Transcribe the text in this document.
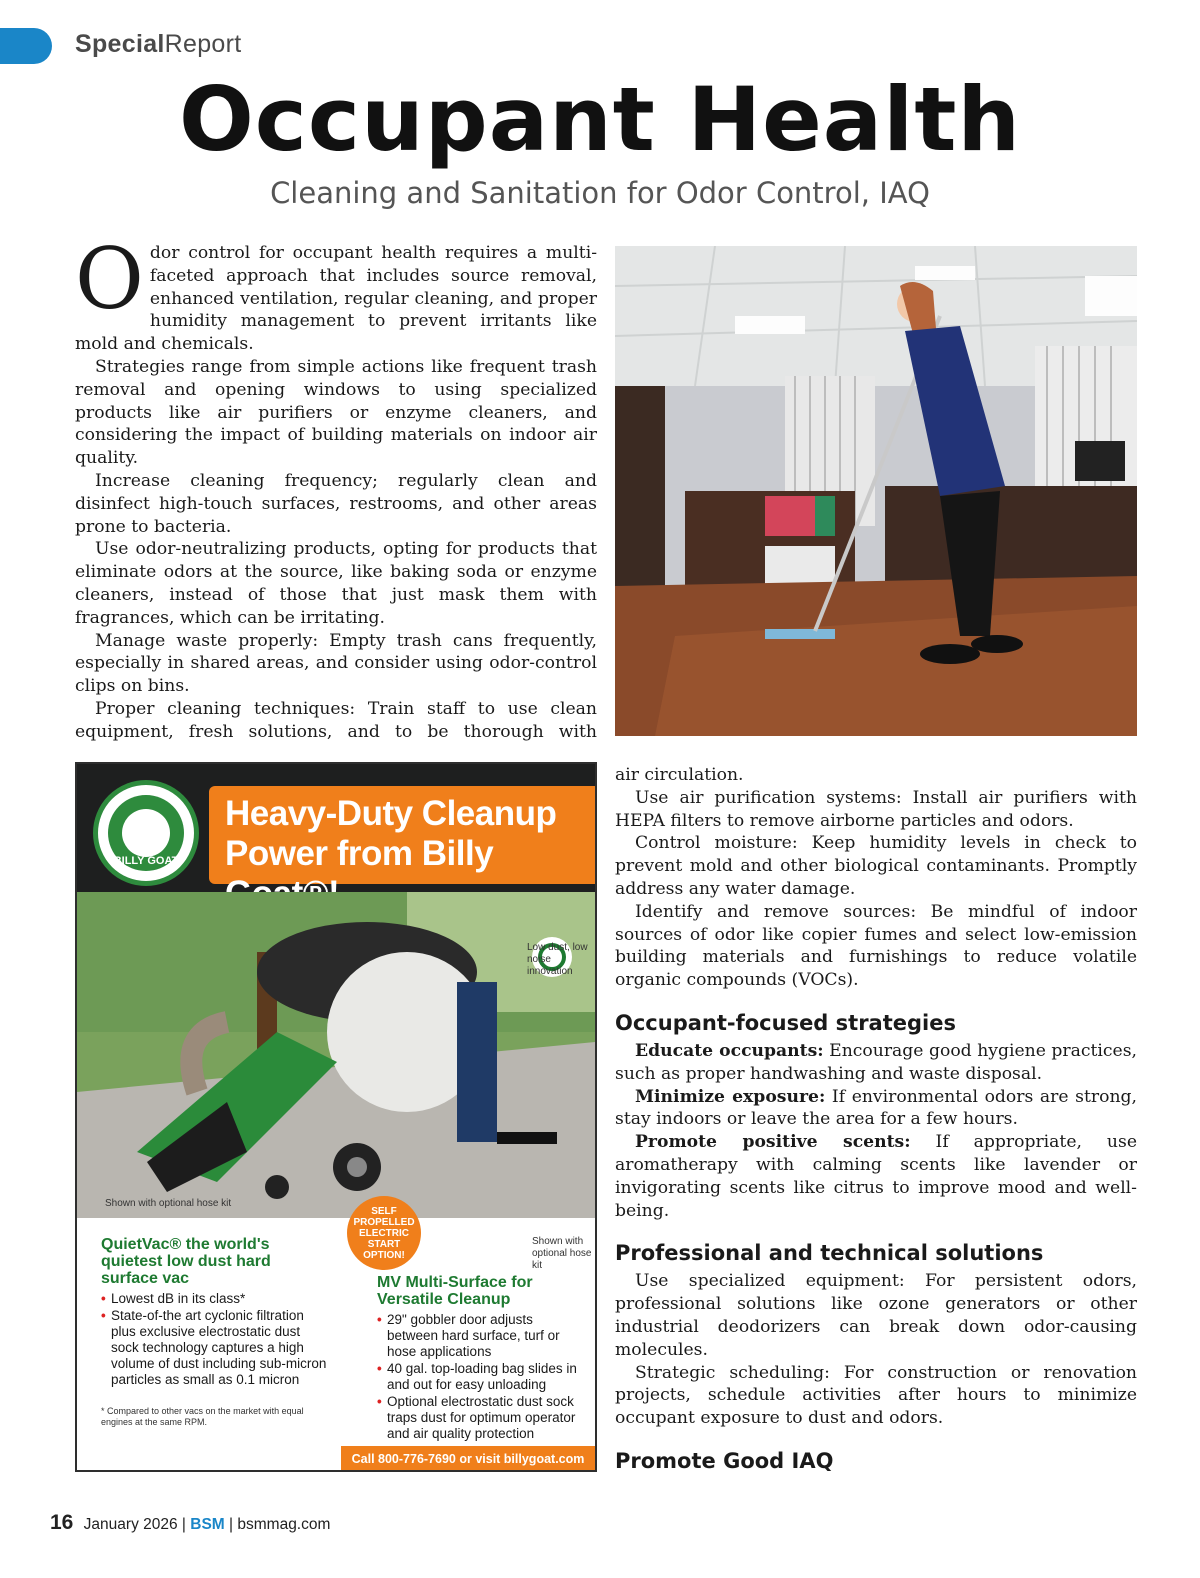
SpecialReport
Occupant Health
Cleaning and Sanitation for Odor Control, IAQ

Odor control for occupant health requires a multi-faceted approach that includes source removal, enhanced ventilation, regular cleaning, and proper humidity management to prevent irritants like mold and chemicals.

Strategies range from simple actions like frequent trash removal and opening windows to using specialized products like air purifiers or enzyme cleaners, and considering the impact of building materials on indoor air quality.

Increase cleaning frequency; regularly clean and disinfect high-touch surfaces, restrooms, and other areas prone to bacteria.

Use odor-neutralizing products, opting for products that eliminate odors at the source, like baking soda or enzyme cleaners, instead of those that just mask them with fragrances, which can be irritating.

Manage waste properly: Empty trash cans frequently, especially in shared areas, and consider using odor-control clips on bins.

Proper cleaning techniques: Train staff to use clean equipment, fresh solutions, and to be thorough with

BILLY GOAT
Heavy-Duty Cleanup
Power from Billy
Low dust, low noise innovation
Shown with optional hose kit
SELF PROPELLED ELECTRIC START OPTION!
QuietVac® the world's quietest low dust hard surface vac
• Lowest dB in its class*
• State-of-the art cyclonic filtration plus exclusive electrostatic dust sock technology captures a high volume of dust including sub-micron particles as small as 0.1 micron
* Compared to other vacs on the market with equal engines at the same RPM.
Shown with optional hose kit
MV Multi-Surface for Versatile Cleanup
• 29" gobbler door adjusts between hard surface, turf or hose applications
• 40 gal. top-loading bag slides in and out for easy unloading
• Optional electrostatic dust sock traps dust for optimum operator and air quality protection
Call 800-776-7690 or visit billygoat.com

air circulation.

Use air purification systems: Install air purifiers with HEPA filters to remove airborne particles and odors.

Control moisture: Keep humidity levels in check to prevent mold and other biological contaminants. Promptly address any water damage.

Identify and remove sources: Be mindful of indoor sources of odor like copier fumes and select low-emission building materials and furnishings to reduce volatile organic compounds (VOCs).

Occupant-focused strategies

Educate occupants: Encourage good hygiene practices, such as proper handwashing and waste disposal.

Minimize exposure: If environmental odors are strong, stay indoors or leave the area for a few hours.

Promote positive scents: If appropriate, use aromatherapy with calming scents like lavender or invigorating scents like citrus to improve mood and well-being.

Professional and technical solutions

Use specialized equipment: For persistent odors, professional solutions like ozone generators or other industrial deodorizers can break down odor-causing molecules.

Strategic scheduling: For construction or renovation projects, schedule activities after hours to minimize occupant exposure to dust and odors.

Promote Good IAQ

16 January 2026 | BSM | bsmmag.com
